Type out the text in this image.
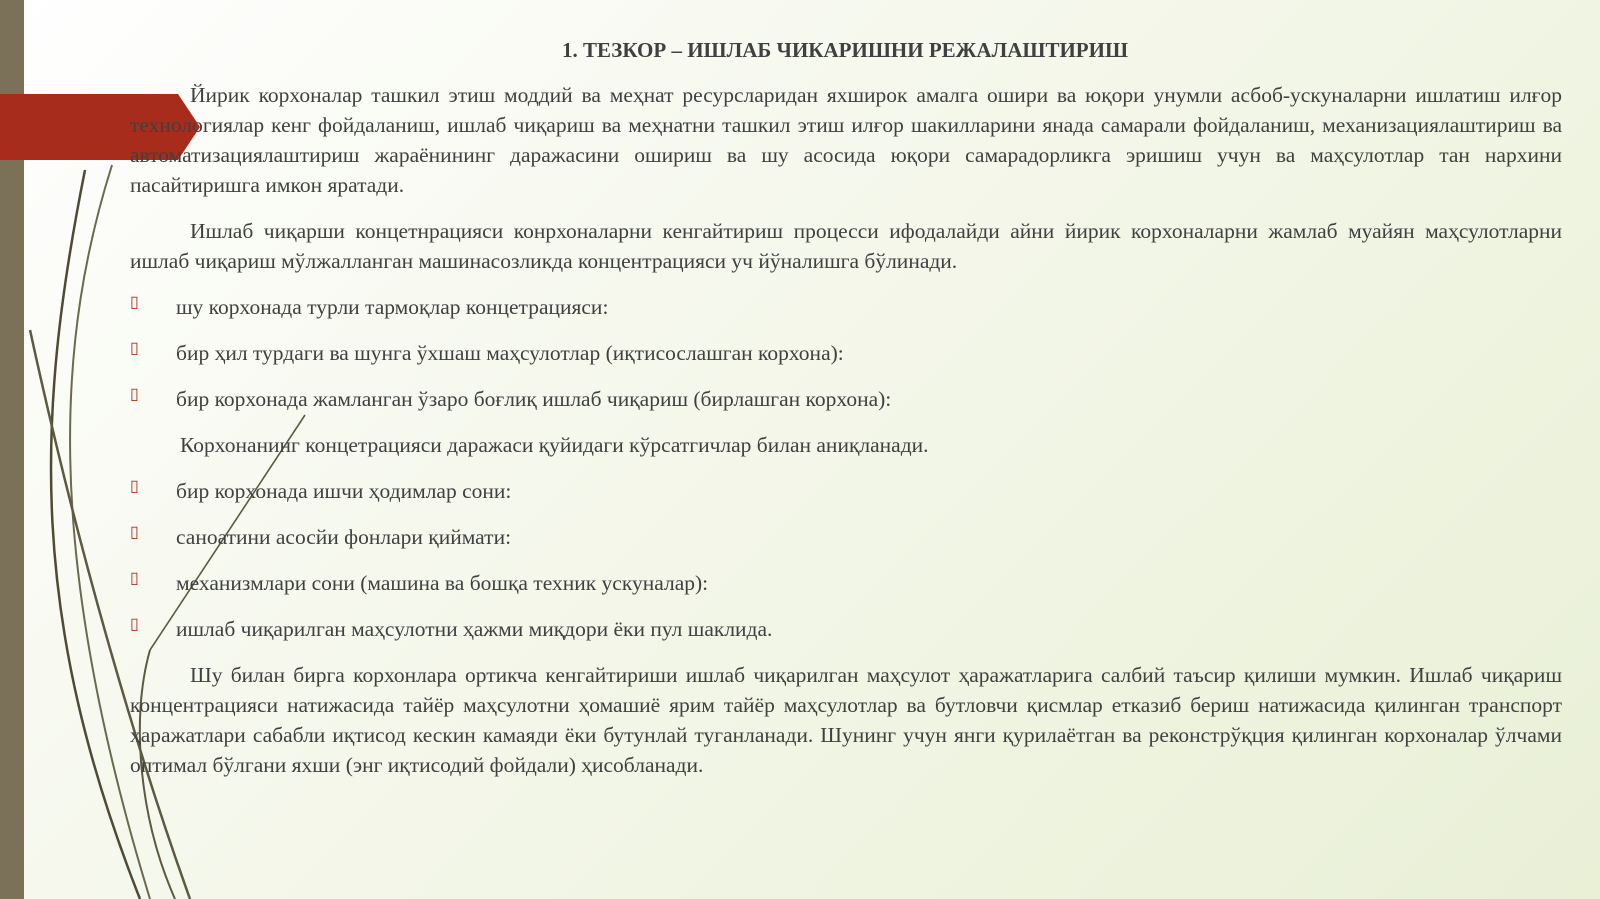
1. ТЕЗКОР – ИШЛАБ ЧИКАРИШНИ РЕЖАЛАШТИРИШ

Йирик корхоналар ташкил этиш моддий ва меҳнат ресурсларидан яхширок амалга ошири ва юқори унумли асбоб-ускуналарни ишлатиш илғор технологиялар кенг фойдаланиш, ишлаб чиқариш ва меҳнатни ташкил этиш илғор шакилларини янада самарали фойдаланиш, механизациялаштириш ва автоматизациялаштириш жараёнининг даражасини ошириш ва шу асосида юқори самарадорликга эришиш учун ва маҳсулотлар тан нархини пасайтиришга имкон яратади.

Ишлаб чиқарши концетнрацияси конрхоналарни кенгайтириш процесси ифодалайди айни йирик корхоналарни жамлаб муайян маҳсулотларни ишлаб чиқариш мўлжалланган машинасозликда концентрацияси уч йўналишга бўлинади.

▯ шу корхонада турли тармоқлар концетрацияси:
▯ бир ҳил турдаги ва шунга ўхшаш маҳсулотлар (иқтисослашган корхона):
▯ бир корхонада жамланган ўзаро боғлиқ ишлаб чиқариш (бирлашган корхона):

Корхонанинг концетрацияси даражаси қуйидаги кўрсатгичлар билан аниқланади.

▯ бир корхонада ишчи ҳодимлар сони:
▯ саноатини асосйи фонлари қиймати:
▯ механизмлари сони (машина ва бошқа техник ускуналар):
▯ ишлаб чиқарилган маҳсулотни ҳажми миқдори ёки пул шаклида.

Шу билан бирга корхонлара ортикча кенгайтириши ишлаб чиқарилган маҳсулот ҳаражатларига салбий таъсир қилиши мумкин. Ишлаб чиқариш концентрацияси натижасида тайёр маҳсулотни ҳомашиё ярим тайёр маҳсулотлар ва бутловчи қисмлар етказиб бериш натижасида қилинган транспорт ҳаражатлари сабабли иқтисод кескин камаяди ёки бутунлай туганланади. Шунинг учун янги қурилаётган ва реконстрўқция қилинган корхоналар ўлчами оптимал бўлгани яхши (энг иқтисодий фойдали) ҳисобланади.
